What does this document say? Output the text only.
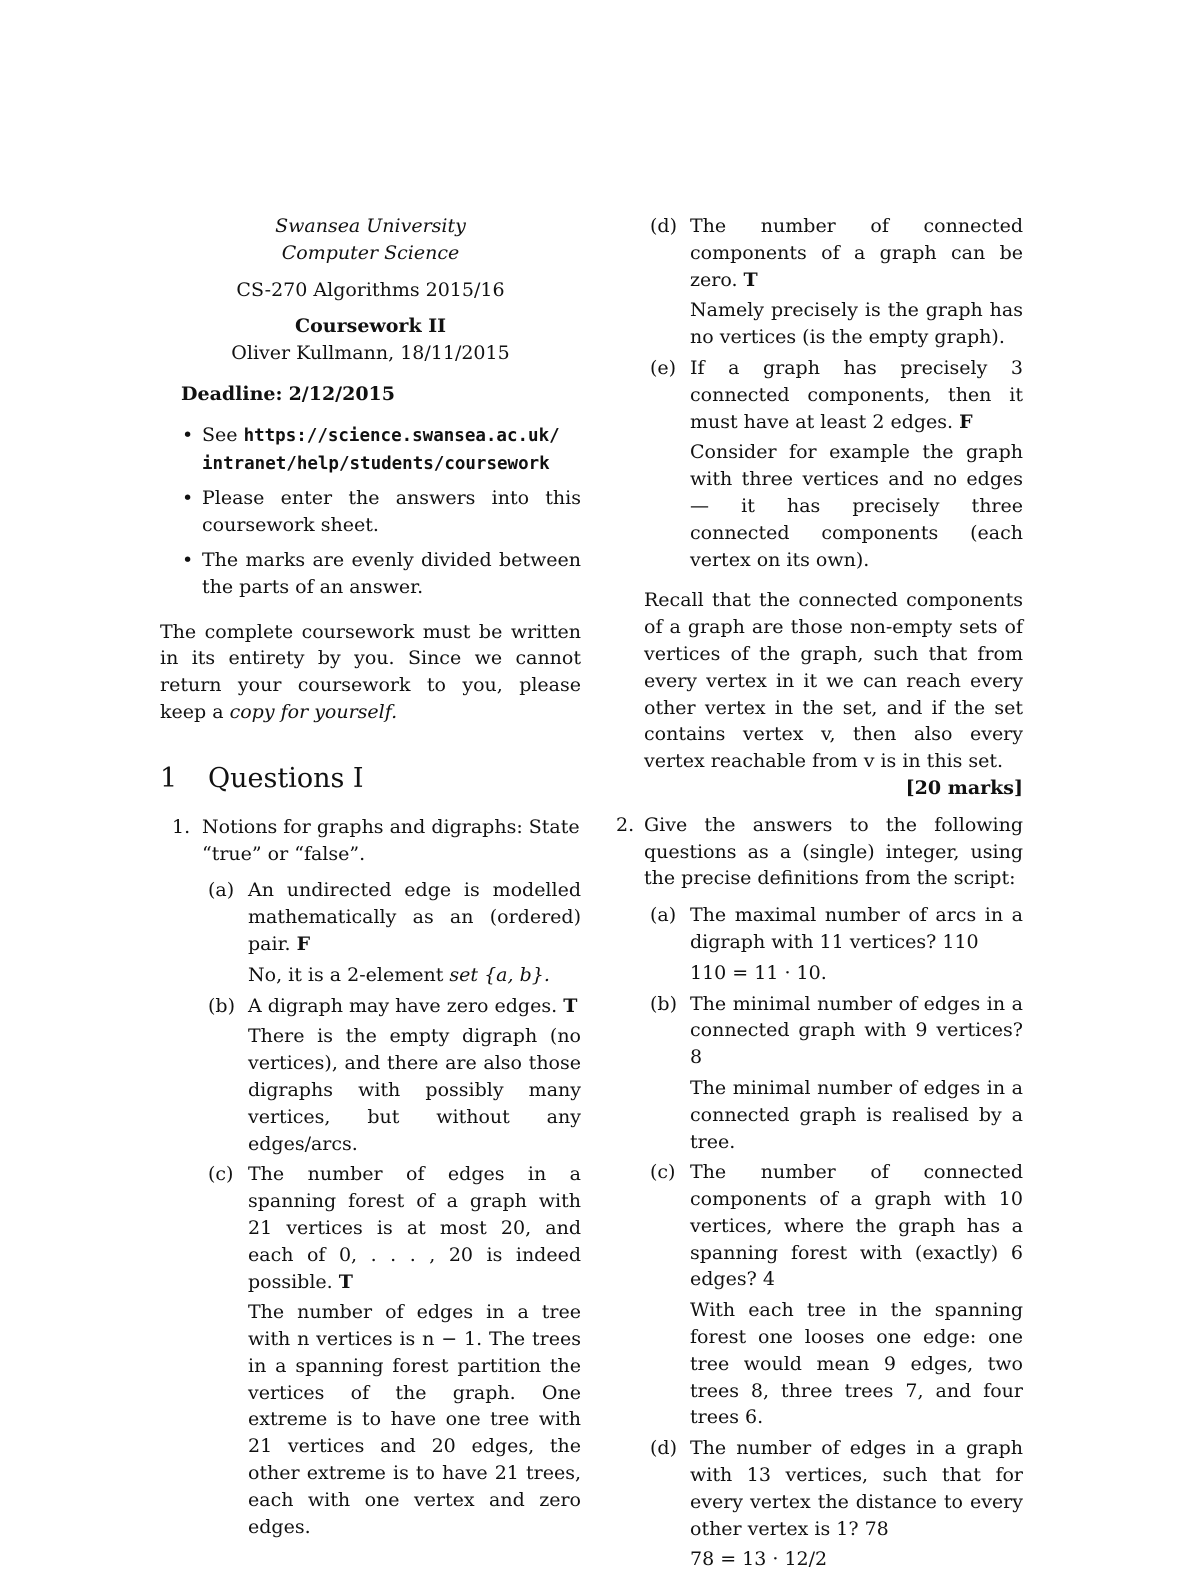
Swansea University
Computer Science
CS-270 Algorithms 2015/16
Coursework II
Oliver Kullmann, 18/11/2015
Deadline: 2/12/2015
• See https://science.swansea.ac.uk/
intranet/help/students/coursework
• Please enter the answers into this coursework sheet.
• The marks are evenly divided between the parts of an answer.

The complete coursework must be written in its entirety by you. Since we cannot return your coursework to you, please keep a copy for yourself.

1	Questions I
1. Notions for graphs and digraphs: State “true” or “false”.

(a) An undirected edge is modelled mathematically as an (ordered) pair. F

No, it is a 2-element set {a, b}.

(b) A digraph may have zero edges. T

There is the empty digraph (no vertices), and there are also those digraphs with possibly many vertices, but without any edges/arcs.

(c) The number of edges in a spanning forest of a graph with 21 vertices is at most 20, and each of 0, . . . , 20 is indeed possible. T

The number of edges in a tree with n vertices is n − 1. The trees in a spanning forest partition the vertices of the graph. One extreme is to have one tree with 21 vertices and 20 edges, the other extreme is to have 21 trees, each with one vertex and zero edges.

(d) The number of connected components of a graph can be zero. T

Namely precisely is the graph has no vertices (is the empty graph).

(e) If a graph has precisely 3 connected components, then it must have at least 2 edges. F

Consider for example the graph with three vertices and no edges — it has precisely three connected components (each vertex on its own).

Recall that the connected components of a graph are those non-empty sets of vertices of the graph, such that from every vertex in it we can reach every other vertex in the set, and if the set contains vertex v, then also every vertex reachable from v is in this set.

[20 marks]
2. Give the answers to the following questions as a (single) integer, using the precise definitions from the script:

(a) The maximal number of arcs in a digraph with 11 vertices? 110

110 = 11 · 10.

(b) The minimal number of edges in a connected graph with 9 vertices? 8

The minimal number of edges in a connected graph is realised by a tree.

(c) The number of connected components of a graph with 10 vertices, where the graph has a spanning forest with (exactly) 6 edges? 4

With each tree in the spanning forest one looses one edge: one tree would mean 9 edges, two trees 8, three trees 7, and four trees 6.

(d) The number of edges in a graph with 13 vertices, such that for every vertex the distance to every other vertex is 1? 78

78 = 13 · 12/2
